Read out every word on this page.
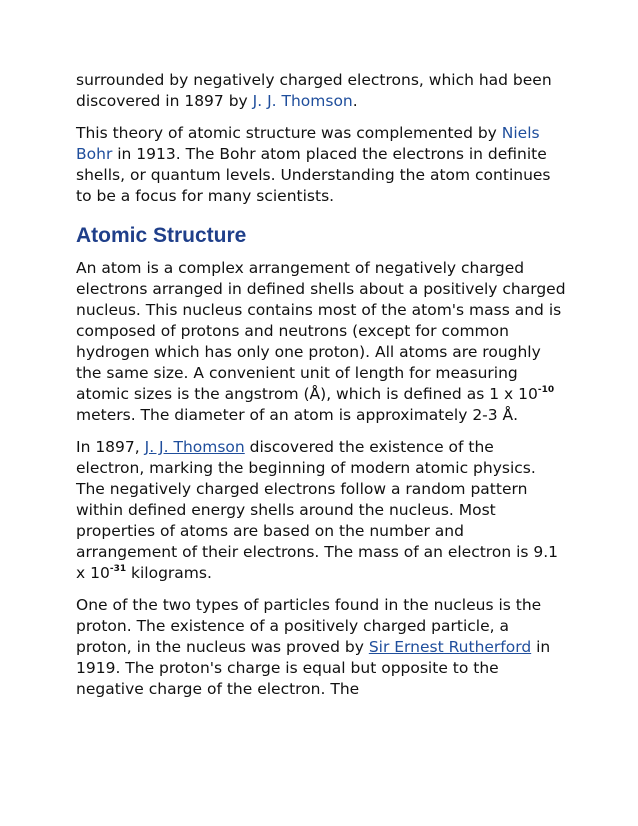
surrounded by negatively charged electrons, which had been discovered in 1897 by J. J. Thomson.

This theory of atomic structure was complemented by Niels Bohr in 1913. The Bohr atom placed the electrons in definite shells, or quantum levels. Understanding the atom continues to be a focus for many scientists.

Atomic Structure

An atom is a complex arrangement of negatively charged electrons arranged in defined shells about a positively charged nucleus. This nucleus contains most of the atom's mass and is composed of protons and neutrons (except for common hydrogen which has only one proton). All atoms are roughly the same size. A convenient unit of length for measuring atomic sizes is the angstrom (Å), which is defined as 1 x $10^{-10}$ meters. The diameter of an atom is approximately 2-3 Å.

In 1897, J. J. Thomson discovered the existence of the electron, marking the beginning of modern atomic physics. The negatively charged electrons follow a random pattern within defined energy shells around the nucleus. Most properties of atoms are based on the number and arrangement of their electrons. The mass of an electron is 9.1 x $10^{-31}$ kilograms.

One of the two types of particles found in the nucleus is the proton. The existence of a positively charged particle, a proton, in the nucleus was proved by Sir Ernest Rutherford in 1919. The proton's charge is equal but opposite to the negative charge of the electron. The
